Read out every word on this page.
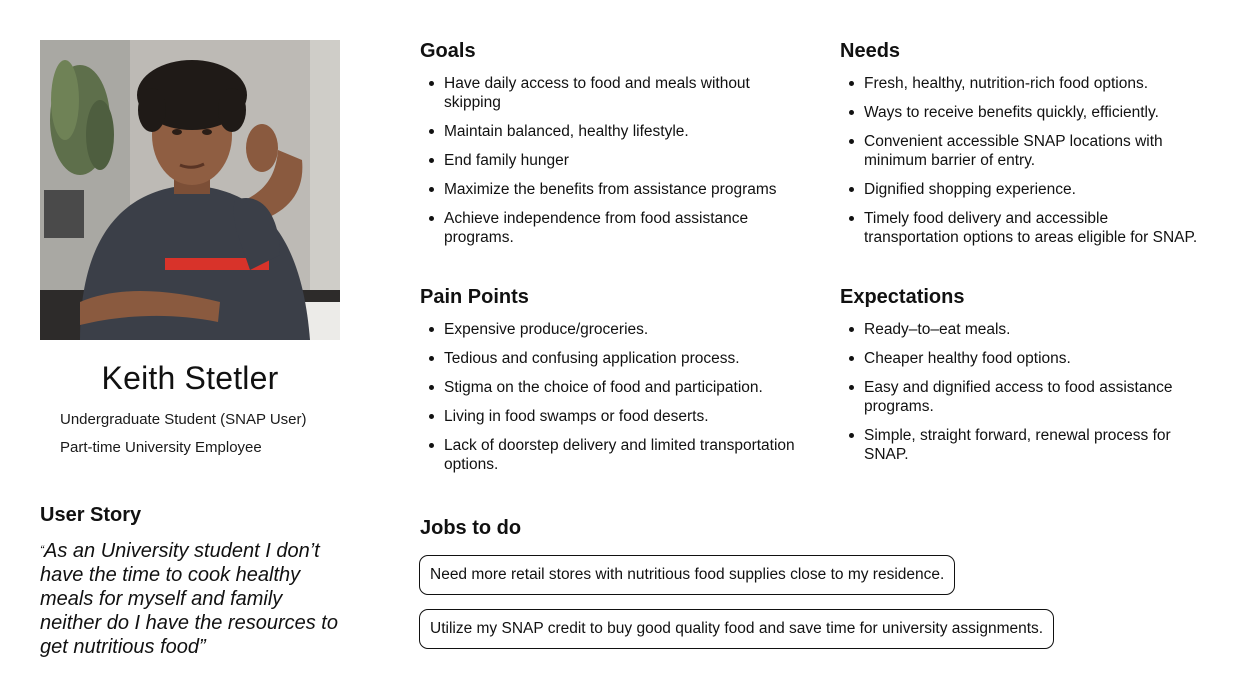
Keith Stetler
Undergraduate Student (SNAP User)
Part-time University Employee
User Story

“As an University student I don’t have the time to cook healthy meals for myself and family neither do I have the resources to get nutritious food”

Goals
Have daily access to food and meals without skipping
Maintain balanced, healthy lifestyle.
End family hunger
Maximize the benefits from assistance programs
Achieve independence from food assistance programs.
Needs
Fresh, healthy, nutrition-rich food options.
Ways to receive benefits quickly, efficiently.
Convenient accessible SNAP locations with minimum barrier of entry.
Dignified shopping experience.
Timely food delivery and accessible transportation options to areas eligible for SNAP.
Pain Points
Expensive produce/groceries.
Tedious and confusing application process.
Stigma on the choice of food and participation.
Living in food swamps or food deserts.
Lack of doorstep delivery and limited transportation options.
Expectations
Ready–to–eat meals.
Cheaper healthy food options.
Easy and dignified access to food assistance programs.
Simple, straight forward, renewal process for SNAP.
Jobs to do
Need more retail stores with nutritious food supplies close to my residence.
Utilize my SNAP credit to buy good quality food and save time for university assignments.
